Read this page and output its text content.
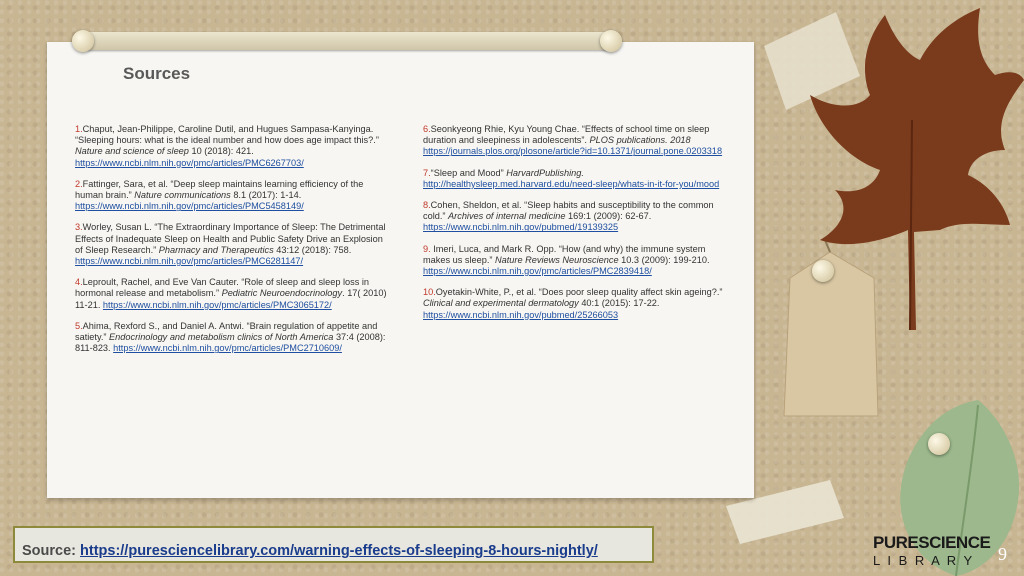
Sources
1.Chaput, Jean-Philippe, Caroline Dutil, and Hugues Sampasa-Kanyinga. “Sleeping hours: what is the ideal number and how does age impact this?.” Nature and science of sleep 10 (2018): 421. https://www.ncbi.nlm.nih.gov/pmc/articles/PMC6267703/
2.Fattinger, Sara, et al. “Deep sleep maintains learning efficiency of the human brain.” Nature communications 8.1 (2017): 1-14. https://www.ncbi.nlm.nih.gov/pmc/articles/PMC5458149/
3.Worley, Susan L. “The Extraordinary Importance of Sleep: The Detrimental Effects of Inadequate Sleep on Health and Public Safety Drive an Explosion of Sleep Research.” Pharmacy and Therapeutics 43:12 (2018): 758. https://www.ncbi.nlm.nih.gov/pmc/articles/PMC6281147/
4.Leproult, Rachel, and Eve Van Cauter. “Role of sleep and sleep loss in hormonal release and metabolism.” Pediatric Neuroendocrinology. 17( 2010) 11-21. https://www.ncbi.nlm.nih.gov/pmc/articles/PMC3065172/
5.Ahima, Rexford S., and Daniel A. Antwi. “Brain regulation of appetite and satiety.” Endocrinology and metabolism clinics of North America 37:4 (2008): 811-823. https://www.ncbi.nlm.nih.gov/pmc/articles/PMC2710609/
6.Seonkyeong Rhie, Kyu Young Chae. “Effects of school time on sleep duration and sleepiness in adolescents”. PLOS publications. 2018 https://journals.plos.org/plosone/article?id=10.1371/journal.pone.0203318
7.“Sleep and Mood” HarvardPublishing. http://healthysleep.med.harvard.edu/need-sleep/whats-in-it-for-you/mood
8.Cohen, Sheldon, et al. “Sleep habits and susceptibility to the common cold.” Archives of internal medicine 169:1 (2009): 62-67. https://www.ncbi.nlm.nih.gov/pubmed/19139325
9. Imeri, Luca, and Mark R. Opp. “How (and why) the immune system makes us sleep.” Nature Reviews Neuroscience 10.3 (2009): 199-210. https://www.ncbi.nlm.nih.gov/pmc/articles/PMC2839418/
10.Oyetakin-White, P., et al. “Does poor sleep quality affect skin ageing?.” Clinical and experimental dermatology 40:1 (2015): 17-22. https://www.ncbi.nlm.nih.gov/pubmed/25266053
Source: https://puresciencelibrary.com/warning-effects-of-sleeping-8-hours-nightly/	PURESCIENCE
L I B R A R Y	9
